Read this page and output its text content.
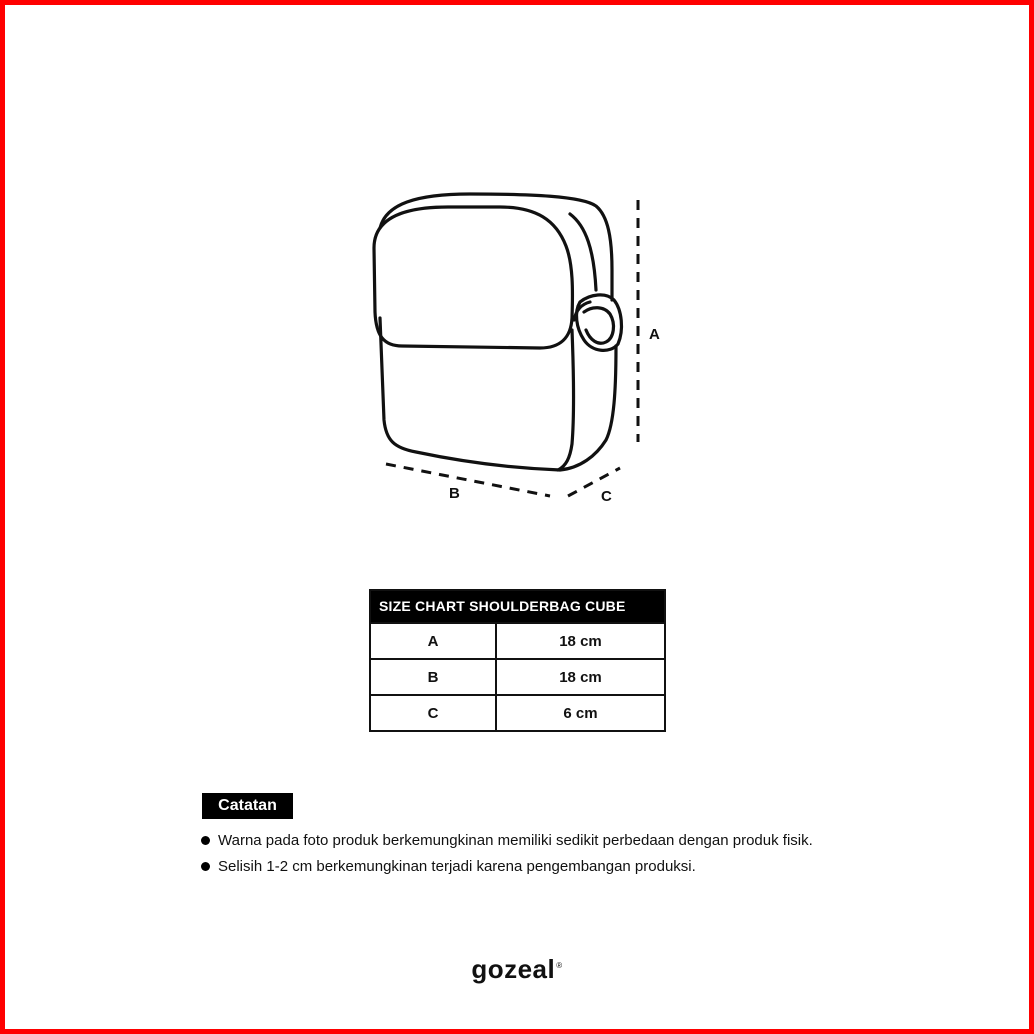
A
B	C
SIZE CHART SHOULDERBAG CUBE
A	18 cm
B	18 cm
C	6 cm
Catatan
Warna pada foto produk berkemungkinan memiliki sedikit perbedaan dengan produk fisik.
Selisih 1-2 cm berkemungkinan terjadi karena pengembangan produksi.
gozeal®
